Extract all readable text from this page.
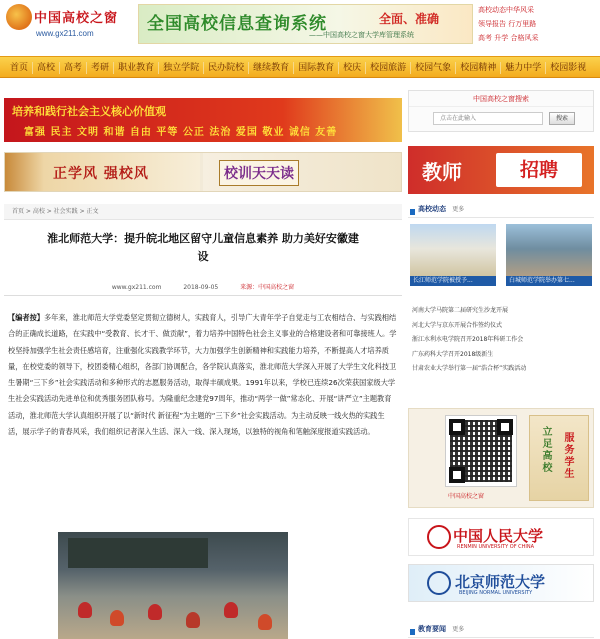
中国高校之窗
www.gx211.com	全国高校信息查询系统	全面、准确
——中国高校之窗大学库管理系统
高校动态中华风采
领导报告 行万里路
高考 升学 合格风采
首页	高校	高考	考研	职业教育	独立学院	民办院校	继续教育	国际教育	校庆	校园旅游	校园气象	校园精神	魅力中学	校园影视
培养和践行社会主义核心价值观
富强 民主 文明 和谐 自由 平等 公正 法治 爱国 敬业 诚信 友善
正学风 强校风	校训天天读
首页 > 高校 > 社会实践 > 正文
淮北师范大学：提升皖北地区留守儿童信息素养 助力美好安徽建设
www.gx211.com	2018-09-05	来源：中国高校之窗
【编者按】多年来，淮北师范大学党委坚定贯彻立德树人，实践育人，引导广大青年学子自觉走与工农相结合、与实践相结合的正确成长道路，在实践中“受教育、长才干、做贡献”，着力培养中国特色社会主义事业的合格建设者和可靠接班人。学校坚持加强学生社会责任感培育，注重强化实践教学环节，大力加强学生创新精神和实践能力培养，不断提高人才培养质量，在校党委的领导下，校团委精心组织，各部门协调配合，各学院认真落实，淮北师范大学深入开展了大学生文化科技卫生暑期“三下乡”社会实践活动和多种形式的志愿服务活动，取得丰硕成果。1991年以来，学校已连续26次荣获国家级大学生社会实践活动先进单位和优秀服务团队称号。为隆重纪念建党97周年，推动“两学一做”常态化、开展“讲严立”主题教育活动，淮北师范大学认真组织开展了以“新时代 新征程”为主题的“三下乡”社会实践活动。为主动反映一线火热的实践生活，展示学子的青春风采，我们组织记者深入生活、深入一线、深入现场，以独特的视角和笔触深度报道实践活动。
中国高校之窗搜索
点击在此输入
搜索
教师	招聘
高校动态 更多
长江师范学院被授予...	白城师范学院举办第七...
河南大学马院第二届研究生沙龙开展
河北大学与京东开展合作签约仪式
浙江水利水电学院召开2018年科研工作会
广东药科大学召开2018级新生
甘肃农业大学举行第一届“浩合杯”实践活动
中国高校之窗
立足高校 服务学生
中国人民大学
RENMIN UNIVERSITY OF CHINA
北京师范大学
BEIJING NORMAL UNIVERSITY
教育要闻 更多
